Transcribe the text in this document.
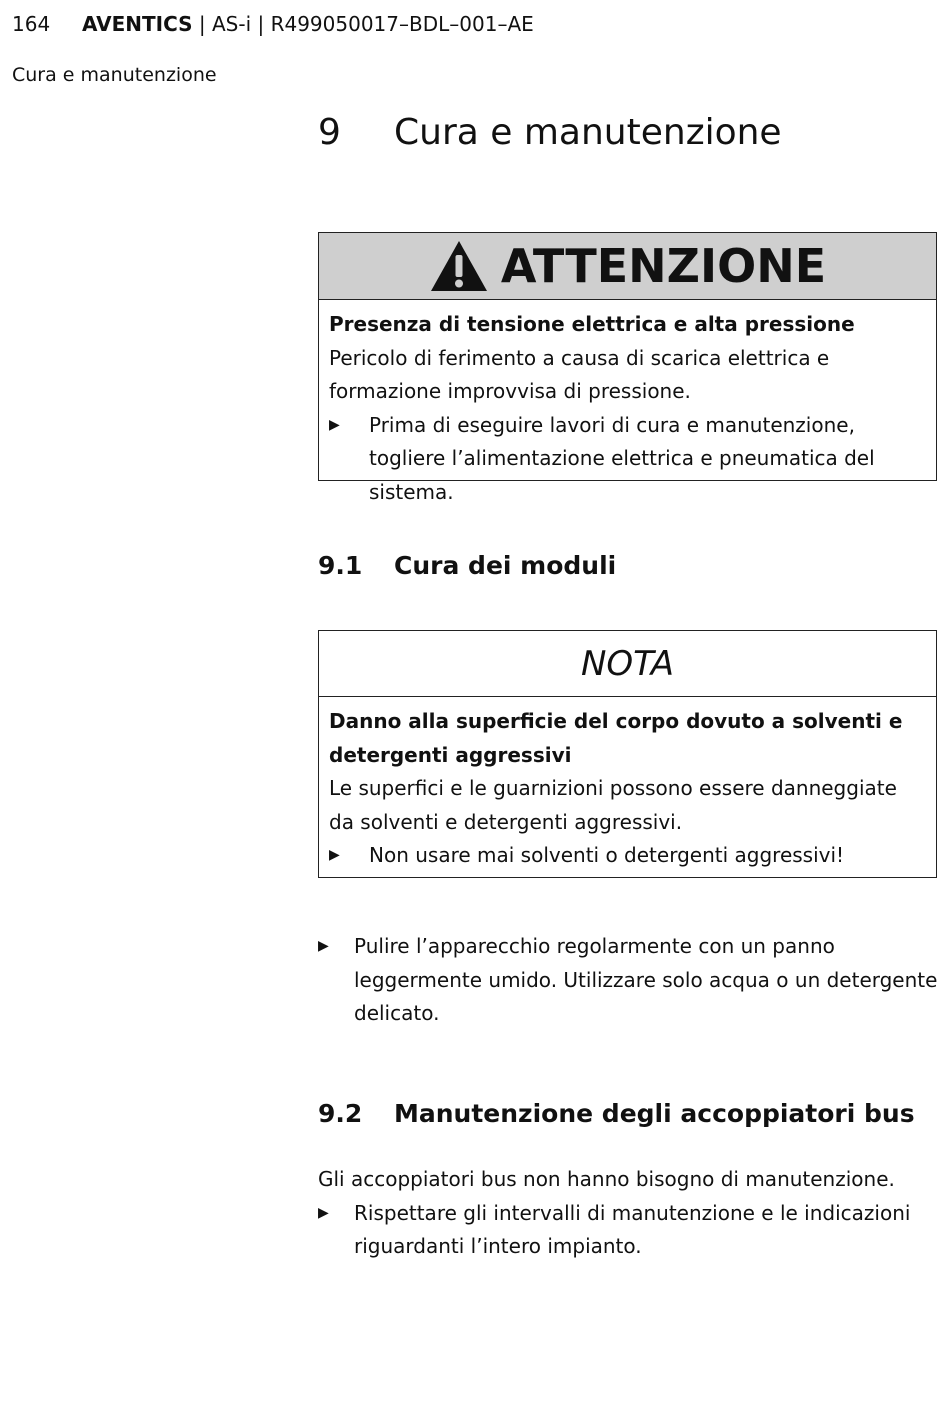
164 AVENTICS | AS-i | R499050017–BDL–001–AE
Cura e manutenzione
9 Cura e manutenzione
ATTENZIONE
Presenza di tensione elettrica e alta pressione
Pericolo di ferimento a causa di scarica elettrica e formazione improvvisa di pressione.
▶ Prima di eseguire lavori di cura e manutenzione, togliere l’alimentazione elettrica e pneumatica del sistema.
9.1 Cura dei moduli
NOTA
Danno alla superficie del corpo dovuto a solventi e detergenti aggressivi
Le superfici e le guarnizioni possono essere danneggiate da solventi e detergenti aggressivi.
▶ Non usare mai solventi o detergenti aggressivi!
▶ Pulire l’apparecchio regolarmente con un panno leggermente umido. Utilizzare solo acqua o un detergente delicato.
9.2 Manutenzione degli accoppiatori bus
Gli accoppiatori bus non hanno bisogno di manutenzione.
▶ Rispettare gli intervalli di manutenzione e le indicazioni riguardanti l’intero impianto.
